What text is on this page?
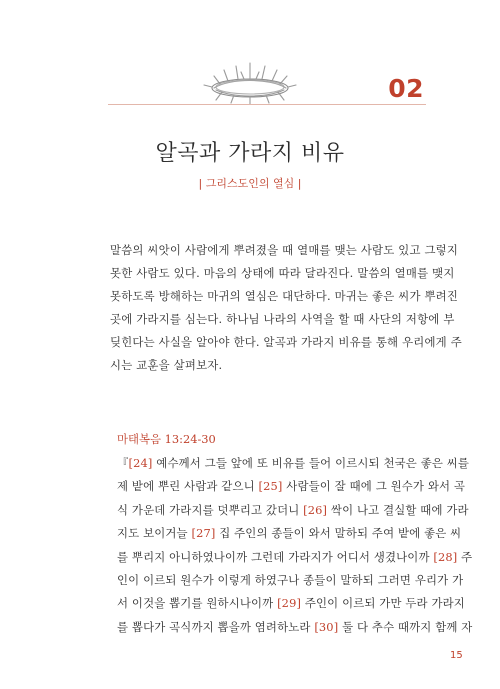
02
알곡과 가라지 비유
| 그리스도인의 열심 |
말씀의 씨앗이 사람에게 뿌려졌을 때 열매를 맺는 사람도 있고 그렇지
못한 사람도 있다. 마음의 상태에 따라 달라진다. 말씀의 열매를 맺지
못하도록 방해하는 마귀의 열심은 대단하다. 마귀는 좋은 씨가 뿌려진
곳에 가라지를 심는다. 하나님 나라의 사역을 할 때 사단의 저항에 부
딪힌다는 사실을 알아야 한다. 알곡과 가라지 비유를 통해 우리에게 주
시는 교훈을 살펴보자.
마태복음 13:24-30
『[24] 예수께서 그들 앞에 또 비유를 들어 이르시되 천국은 좋은 씨를
제 밭에 뿌린 사람과 같으니 [25] 사람들이 잘 때에 그 원수가 와서 곡
식 가운데 가라지를 덧뿌리고 갔더니 [26] 싹이 나고 결실할 때에 가라
지도 보이거늘 [27] 집 주인의 종들이 와서 말하되 주여 밭에 좋은 씨
를 뿌리지 아니하였나이까 그런데 가라지가 어디서 생겼나이까 [28] 주
인이 이르되 원수가 이렇게 하였구나 종들이 말하되 그러면 우리가 가
서 이것을 뽑기를 원하시나이까 [29] 주인이 이르되 가만 두라 가라지
를 뽑다가 곡식까지 뽑을까 염려하노라 [30] 둘 다 추수 때까지 함께 자
15
